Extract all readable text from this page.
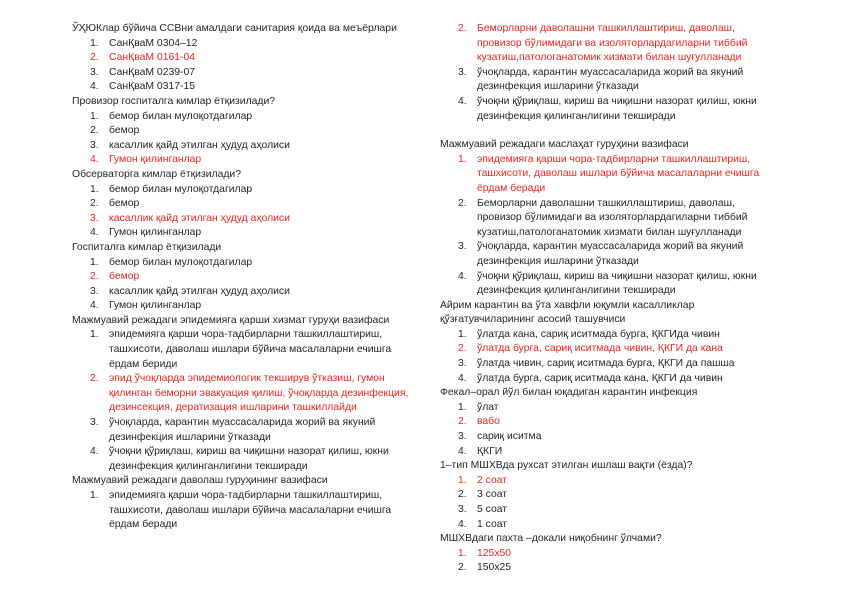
ЎҲЮКлар бўйича ССВни амалдаги санитария қоида ва меъёрлари

1. СанҚваМ 0304–12
2. СанҚваМ 0161-04
3. СанҚваМ 0239-07
4. СанҚваМ 0317-15

Провизор госпиталга кимлар ётқизилади?

1. бемор билан мулоқотдагилар
2. бемор
3. касаллик қайд этилган ҳудуд аҳолиси
4. Гумон қилинганлар

Обсерваторга кимлар ётқизилади?

1. бемор билан мулоқотдагилар
2. бемор
3. касаллик қайд этилган ҳудуд аҳолиси
4. Гумон қилинганлар

Госпиталга кимлар ётқизилади

1. бемор билан мулоқотдагилар
2. бемор
3. касаллик қайд этилган ҳудуд аҳолиси
4. Гумон қилинганлар

Мажмуавий режадаги эпидемияга қарши хизмат гуруҳи вазифаси

1. эпидемияга қарши чора-тадбирларни ташкиллаштириш, ташхисоти, даволаш ишлари бўйича масалаларни ечишга ёрдам бериди
2. эпид ўчоқларда эпидемиологик текширув ўтказиш, гумон қилинган беморни эвакуация қилиш, ўчоқларда дезинфекция, дезинсекция, дератизация ишларини ташкиллайди
3. ўчоқларда, карантин муассасаларида жорий ва якуний дезинфекция ишларини ўтказади
4. ўчоқни қўриқлаш, кириш ва чиқишни назорат қилиш, юкни дезинфекция қилинганлигини текширади

Мажмуавий режадаги даволаш гуруҳининг вазифаси

1. эпидемияга қарши чора-тадбирларни ташкиллаштириш, ташхисоти, даволаш ишлари бўйича масалаларни ечишга ёрдам беради
2. Беморларни даволашни ташкиллаштириш, даволаш, провизор бўлимидаги ва изоляторлардагиларни тиббий кузатиш,патологанатомик хизмати билан шуғулланади
3. ўчоқларда, карантин муассасаларида жорий ва якуний дезинфекция ишларини ўтказади
4. ўчоқни қўриқлаш, кириш ва чиқишни назорат қилиш, юкни дезинфекция қилинганлигини текширади

Мажмуавий режадаги маслаҳат гуруҳини вазифаси

1. эпидемияга қарши чора-тадбирларни ташкиллаштириш, ташхисоти, даволаш ишлари бўйича масалаларни ечишга ёрдам беради
2. Беморларни даволашни ташкиллаштириш, даволаш, провизор бўлимидаги ва изоляторлардагиларни тиббий кузатиш,патологанатомик хизмати билан шуғулланади
3. ўчоқларда, карантин муассасаларида жорий ва якуний дезинфекция ишларини ўтказади
4. ўчоқни қўриқлаш, кириш ва чиқишни назорат қилиш, юкни дезинфекция қилинганлигини текширади

Айрим карантин ва ўта хавфли юқумли касалликлар қўзғатувчиларининг асосий ташувчиси

1. ўлатда кана, сариқ иситмада бурга, ҚКГИда чивин
2. ўлатда бурга, сариқ иситмада чивин, ҚКГИ да кана
3. ўлатда чивин, сариқ иситмада бурга, ҚКГИ да пашша
4. ўлатда бурга, сариқ иситмада кана, ҚКГИ да чивин

Фекал–орал йўл билан юқадиган карантин инфекция

1. ўлат
2. вабо
3. сариқ иситма
4. ҚКГИ

1–тип МШХВда рухсат этилган ишлаш вақти (ёзда)?

1. 2 соат
2. 3 соат
3. 5 соат
4. 1 соат

МШХВдаги пахта –докали ниқобнинг ўлчами?

1. 125х50
2. 150х25
